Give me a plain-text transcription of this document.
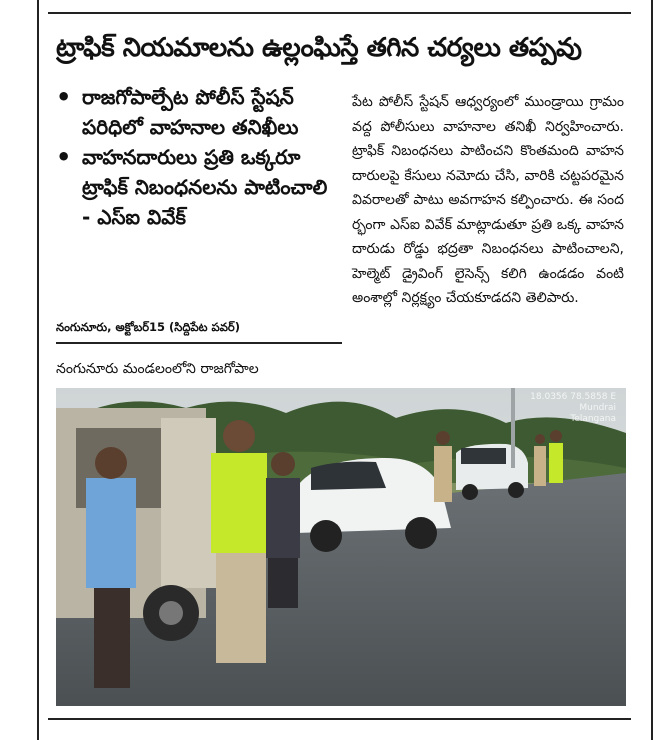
ట్రాఫిక్ నియమాలను ఉల్లంఘిస్తే తగిన చర్యలు తప్పవు
• రాజగోపాల్పేట పోలీస్ స్టేషన్ పరిధిలో వాహనాల తనిఖీలు
• వాహనదారులు ప్రతి ఒక్కరూ ట్రాఫిక్ నిబంధనలను పాటించాలి - ఎస్ఐ వివేక్
నంగునూరు, అక్టోబర్15 (సిద్దిపేట పవర్)
నంగునూరు మండలంలోని రాజగోపాల
పేట పోలీస్ స్టేషన్ ఆధ్వర్యంలో ముండ్రాయి గ్రామం వద్ద పోలీసులు వాహనాల తనిఖీ నిర్వహించారు. ట్రాఫిక్ నిబంధనలు పాటించని కొంతమంది వాహనదారులపై కేసులు నమోదు చేసి, వారికి చట్టపరమైన వివరాలతో పాటు అవగాహన కల్పించారు. ఈ సందర్భంగా ఎస్ఐ వివేక్ మాట్లాడుతూ ప్రతి ఒక్క వాహనదారుడు రోడ్డు భద్రతా నిబంధనలు పాటించాలని, హెల్మెట్ డ్రైవింగ్ లైసెన్స్ కలిగి ఉండడం వంటి అంశాల్లో నిర్లక్ష్యం చేయకూడదని తెలిపారు.
18.0356 78.5858 E
Mundrai
Telangana
